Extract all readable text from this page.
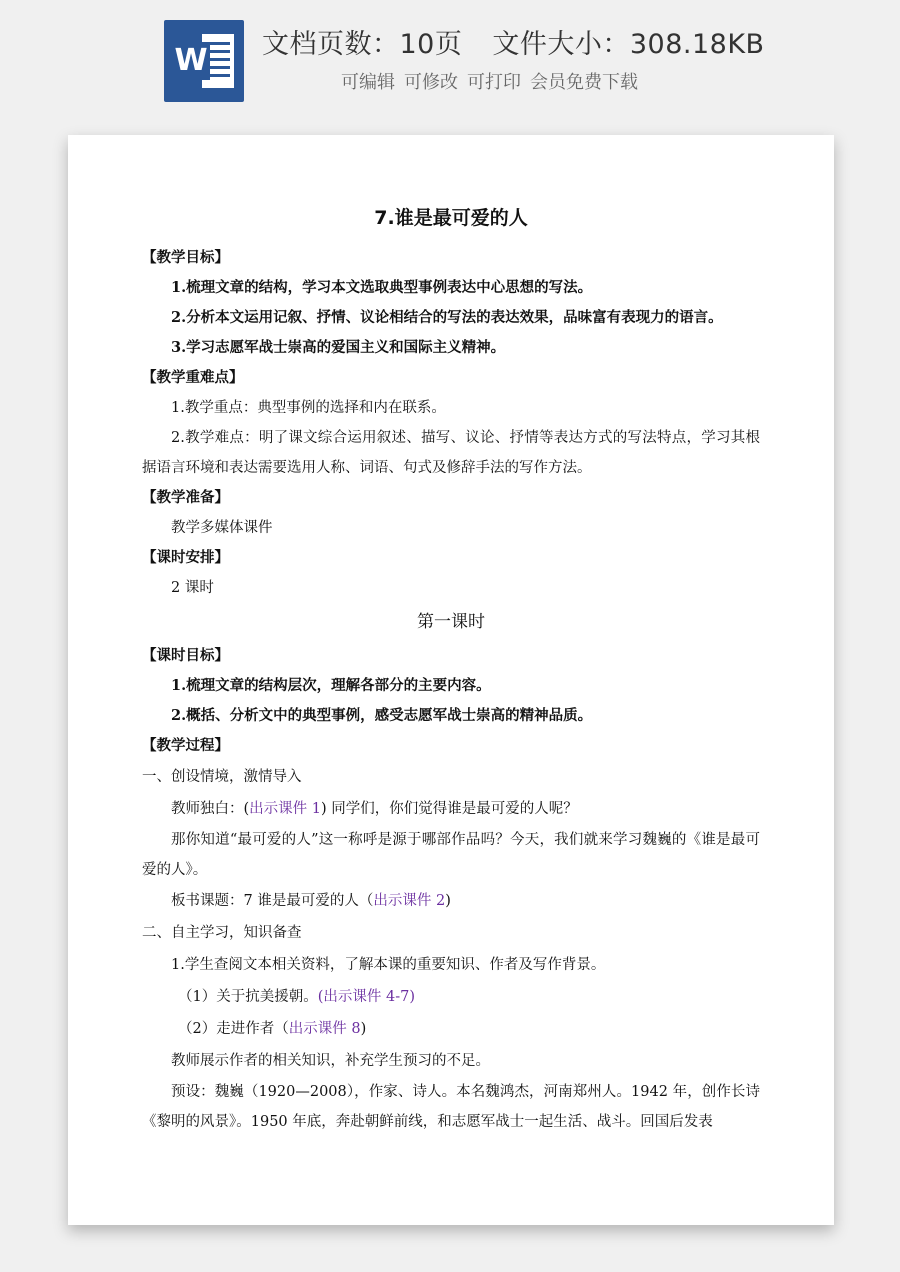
W 文档页数：10页 文件大小：308.18KB
可编辑 可修改 可打印 会员免费下载
7.谁是最可爱的人
【教学目标】
1.梳理文章的结构，学习本文选取典型事例表达中心思想的写法。
2.分析本文运用记叙、抒情、议论相结合的写法的表达效果，品味富有表现力的语言。
3.学习志愿军战士崇高的爱国主义和国际主义精神。
【教学重难点】
1.教学重点：典型事例的选择和内在联系。
2.教学难点：明了课文综合运用叙述、描写、议论、抒情等表达方式的写法特点，学习其根据语言环境和表达需要选用人称、词语、句式及修辞手法的写作方法。
【教学准备】
教学多媒体课件
【课时安排】
2 课时
第一课时
【课时目标】
1.梳理文章的结构层次，理解各部分的主要内容。
2.概括、分析文中的典型事例，感受志愿军战士崇高的精神品质。
【教学过程】
一、创设情境，激情导入
教师独白：(出示课件 1) 同学们，你们觉得谁是最可爱的人呢？
那你知道“最可爱的人”这一称呼是源于哪部作品吗？今天，我们就来学习魏巍的《谁是最可爱的人》。
板书课题：7 谁是最可爱的人（出示课件 2)
二、自主学习，知识备查
1.学生查阅文本相关资料，了解本课的重要知识、作者及写作背景。
（1）关于抗美援朝。(出示课件 4-7)
（2）走进作者（出示课件 8)
教师展示作者的相关知识，补充学生预习的不足。
预设：魏巍（1920—2008），作家、诗人。本名魏鸿杰，河南郑州人。1942 年，创作长诗《黎明的风景》。1950 年底，奔赴朝鲜前线，和志愿军战士一起生活、战斗。回国后发表
